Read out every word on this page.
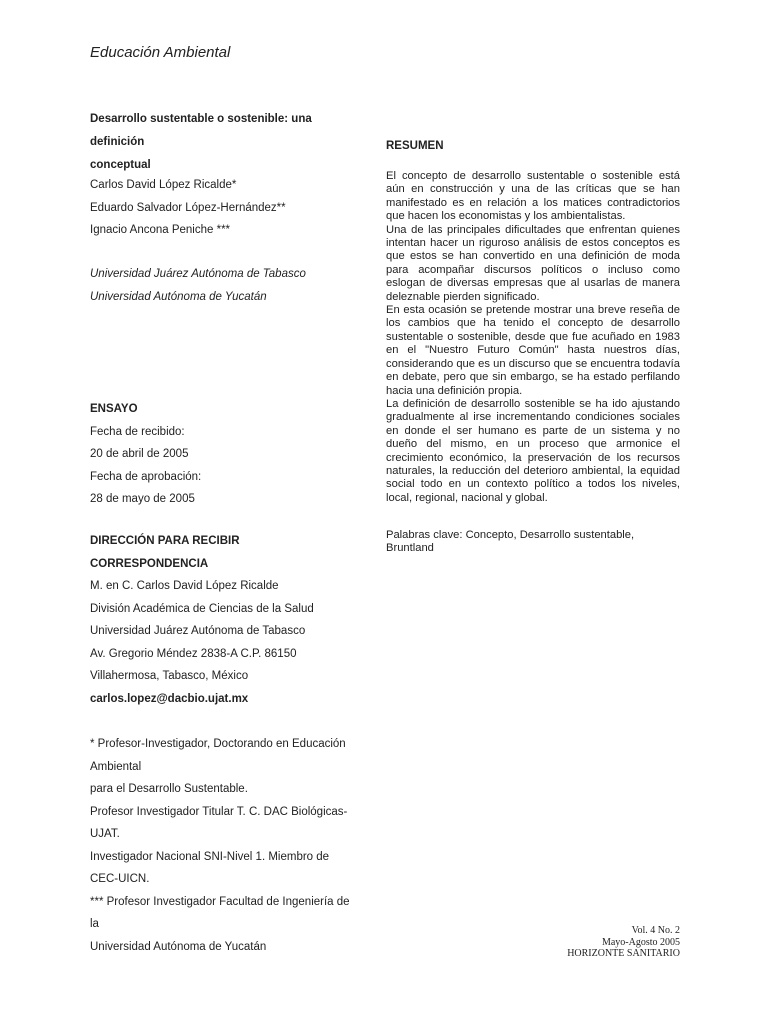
Educación Ambiental
Desarrollo sustentable o sostenible: una definición
conceptual
Carlos David López Ricalde*
Eduardo Salvador López-Hernández**
Ignacio Ancona Peniche ***
Universidad Juárez Autónoma de Tabasco
Universidad Autónoma de Yucatán
ENSAYO
Fecha de recibido:
20 de abril de 2005
Fecha de aprobación:
28 de mayo de 2005
DIRECCIÓN PARA RECIBIR
CORRESPONDENCIA
M. en C. Carlos David López Ricalde
División Académica de Ciencias de la Salud
Universidad Juárez Autónoma de Tabasco
Av. Gregorio Méndez 2838-A C.P. 86150
Villahermosa, Tabasco, México
carlos.lopez@dacbio.ujat.mx
* Profesor-Investigador, Doctorando en Educación Ambiental
para el Desarrollo Sustentable.
Profesor Investigador Titular T. C. DAC Biológicas-UJAT.
Investigador Nacional SNI-Nivel 1. Miembro de CEC-UICN.
*** Profesor Investigador Facultad de Ingeniería de la
Universidad Autónoma de Yucatán
RESUMEN

El concepto de desarrollo sustentable o sostenible está aún en construcción y una de las críticas que se han manifestado es en relación a los matices contradictorios que hacen los economistas y los ambientalistas.

Una de las principales dificultades que enfrentan quienes intentan hacer un riguroso análisis de estos conceptos es que estos se han convertido en una definición de moda para acompañar discursos políticos o incluso como eslogan de diversas empresas que al usarlas de manera deleznable pierden significado.

En esta ocasión se pretende mostrar una breve reseña de los cambios que ha tenido el concepto de desarrollo sustentable o sostenible, desde que fue acuñado en 1983 en el "Nuestro Futuro Común" hasta nuestros días, considerando que es un discurso que se encuentra todavía en debate, pero que sin embargo, se ha estado perfilando hacia una definición propia.

La definición de desarrollo sostenible se ha ido ajustando gradualmente al irse incrementando condiciones sociales en donde el ser humano es parte de un sistema y no dueño del mismo, en un proceso que armonice el crecimiento económico, la preservación de los recursos naturales, la reducción del deterioro ambiental, la equidad social todo en un contexto político a todos los niveles, local, regional, nacional y global.

Palabras clave: Concepto, Desarrollo sustentable, Bruntland
Vol. 4 No. 2
Mayo-Agosto 2005
HORIZONTE SANITARIO
